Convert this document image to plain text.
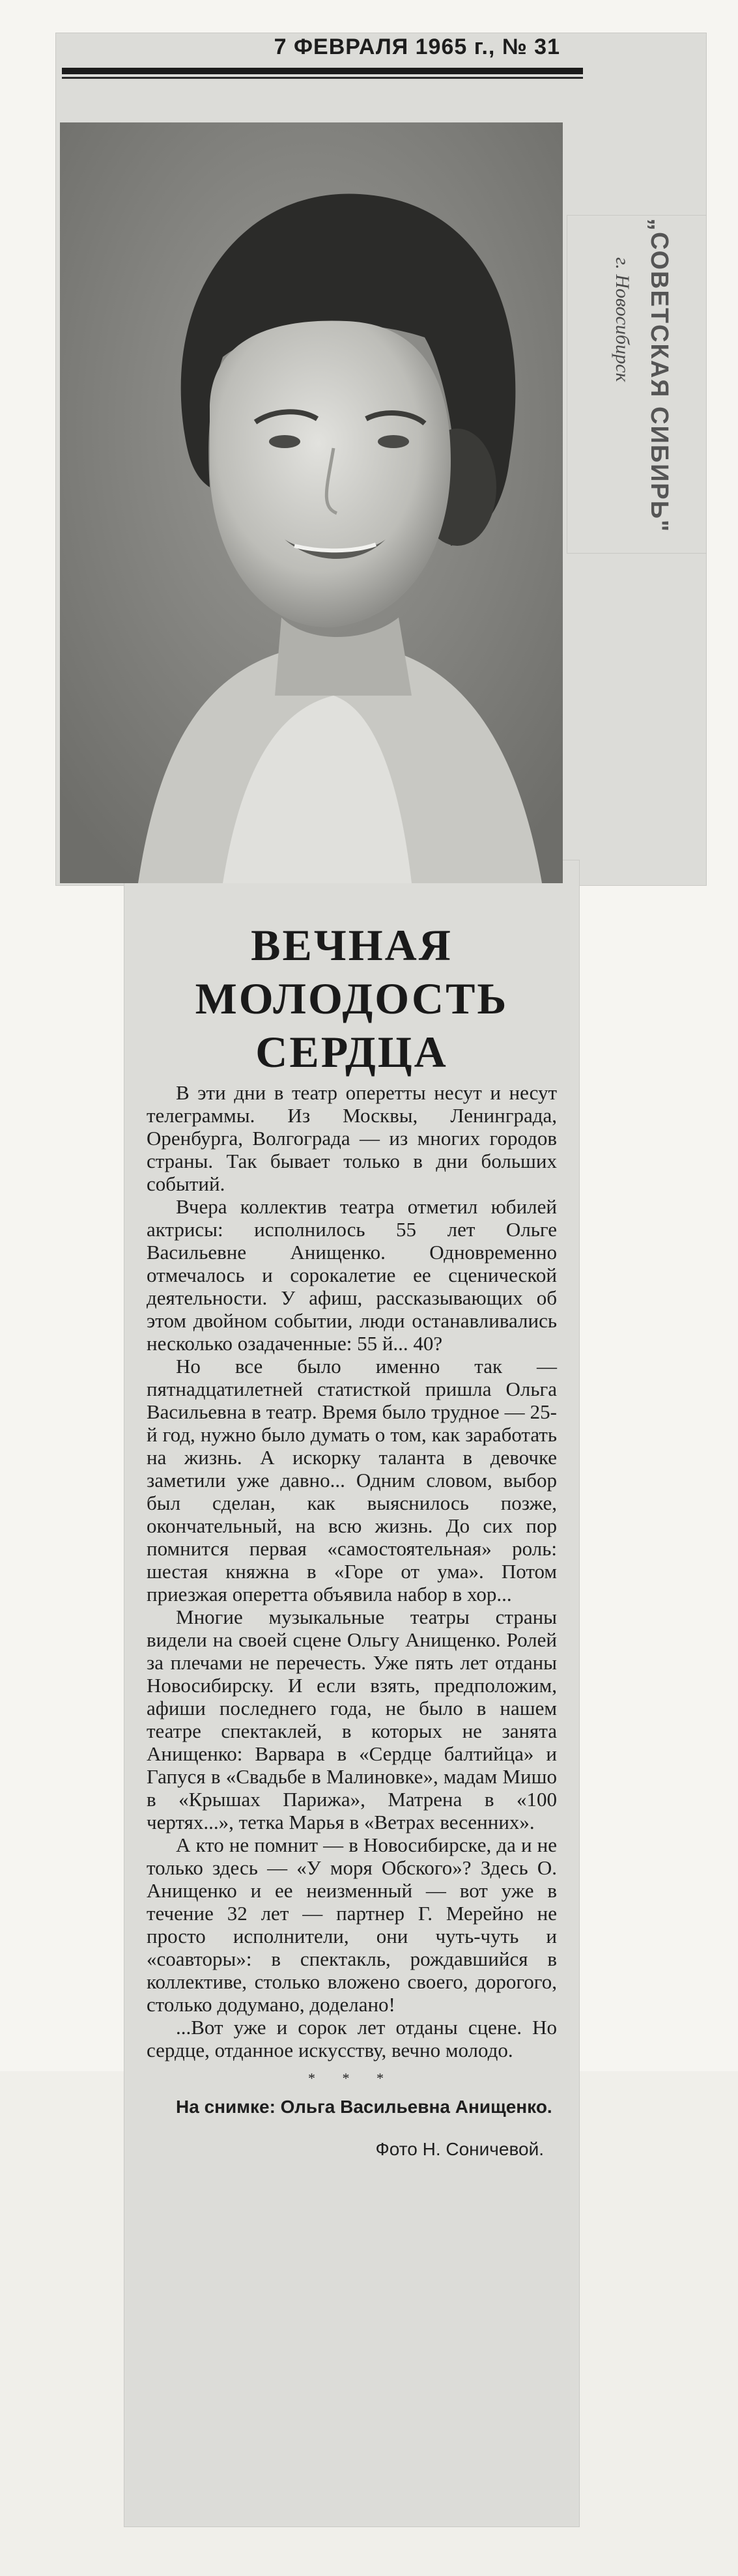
7 ФЕВРАЛЯ 1965 г., № 31
„СОВЕТСКАЯ СИБИРЬ"
г. Новосибирск
ВЕЧНАЯ
МОЛОДОСТЬ
СЕРДЦА

В эти дни в театр оперетты несут и несут телеграммы. Из Москвы, Ленинграда, Оренбурга, Волгограда — из многих городов страны. Так бывает только в дни больших событий.

Вчера коллектив театра отметил юбилей актрисы: исполнилось 55 лет Ольге Васильевне Анищенко. Одновременно отмечалось и сорокалетие ее сценической деятельности. У афиш, рассказывающих об этом двойном событии, люди останавливались несколько озадаченные: 55 й... 40?

Но все было именно так — пятнадцатилетней статисткой пришла Ольга Васильевна в театр. Время было трудное — 25-й год, нужно было думать о том, как заработать на жизнь. А искорку таланта в девочке заметили уже давно... Одним словом, выбор был сделан, как выяснилось позже, окончательный, на всю жизнь. До сих пор помнится первая «самостоятельная» роль: шестая княжна в «Горе от ума». Потом приезжая оперетта объявила набор в хор...

Многие музыкальные театры страны видели на своей сцене Ольгу Анищенко. Ролей за плечами не перечесть. Уже пять лет отданы Новосибирску. И если взять, предположим, афиши последнего года, не было в нашем театре спектаклей, в которых не занята Анищенко: Варвара в «Сердце балтийца» и Гапуся в «Свадьбе в Малиновке», мадам Мишо в «Крышах Парижа», Матрена в «100 чертях...», тетка Марья в «Ветрах весенних».

А кто не помнит — в Новосибирске, да и не только здесь — «У моря Обского»? Здесь О. Анищенко и ее неизменный — вот уже в течение 32 лет — партнер Г. Мерейно не просто исполнители, они чуть-чуть и «соавторы»: в спектакль, рождавшийся в коллективе, столько вложено своего, дорогого, столько додумано, доделано!

...Вот уже и сорок лет отданы сцене. Но сердце, отданное искусству, вечно молодо.

* * *

На снимке: Ольга Васильевна Анищенко.

Фото Н. Соничевой.
